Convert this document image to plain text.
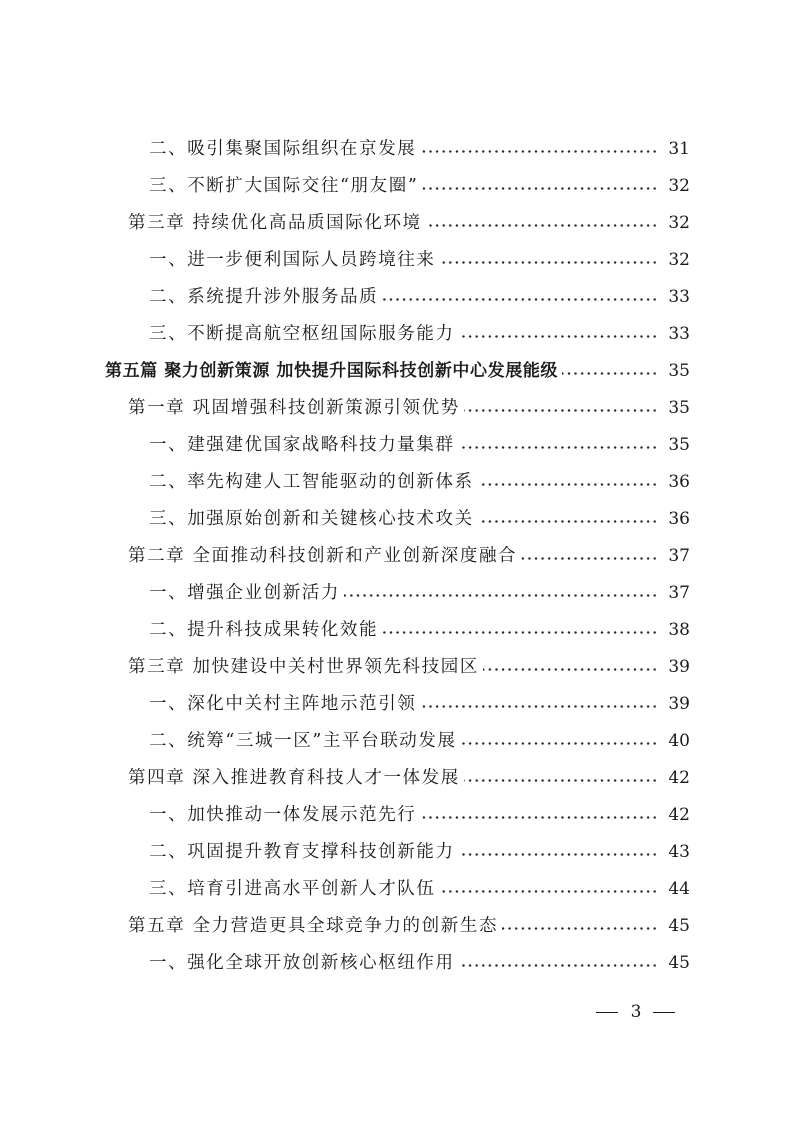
二、吸引集聚国际组织在京发展	31
三、不断扩大国际交往“朋友圈”	32
第三章 持续优化高品质国际化环境	32
一、进一步便利国际人员跨境往来	32
二、系统提升涉外服务品质	33
三、不断提高航空枢纽国际服务能力	33
第五篇 聚力创新策源 加快提升国际科技创新中心发展能级	35
第一章 巩固增强科技创新策源引领优势	35
一、建强建优国家战略科技力量集群	35
二、率先构建人工智能驱动的创新体系	36
三、加强原始创新和关键核心技术攻关	36
第二章 全面推动科技创新和产业创新深度融合	37
一、增强企业创新活力	37
二、提升科技成果转化效能	38
第三章 加快建设中关村世界领先科技园区	39
一、深化中关村主阵地示范引领	39
二、统筹“三城一区”主平台联动发展	40
第四章 深入推进教育科技人才一体发展	42
一、加快推动一体发展示范先行	42
二、巩固提升教育支撑科技创新能力	43
三、培育引进高水平创新人才队伍	44
第五章 全力营造更具全球竞争力的创新生态	45
一、强化全球开放创新核心枢纽作用	45
3
